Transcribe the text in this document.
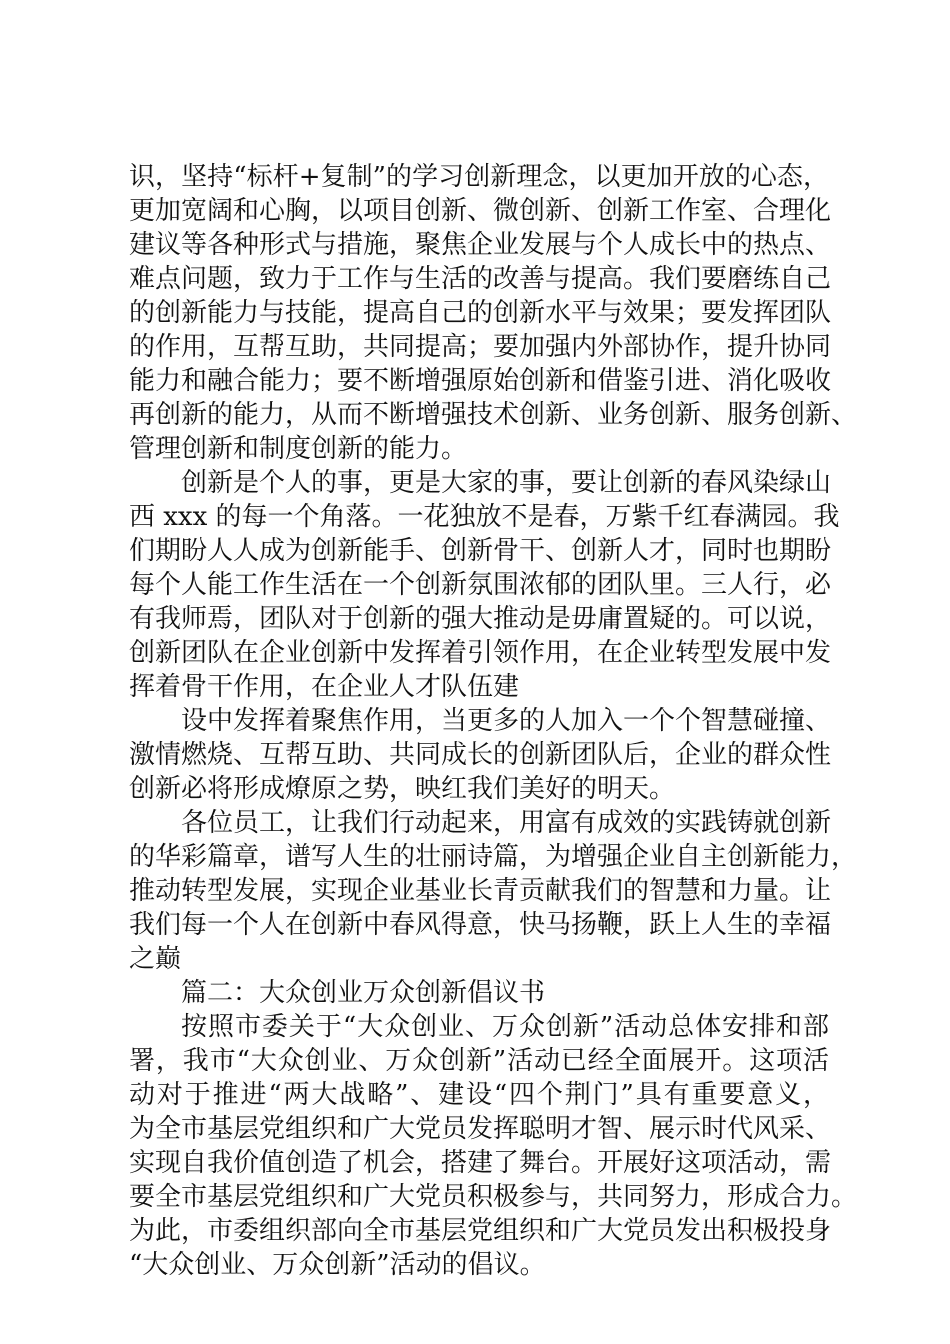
识，坚持“标杆+复制”的学习创新理念，以更加开放的心态，
更加宽阔和心胸，以项目创新、微创新、创新工作室、合理化
建议等各种形式与措施，聚焦企业发展与个人成长中的热点、
难点问题，致力于工作与生活的改善与提高。我们要磨练自己
的创新能力与技能，提高自己的创新水平与效果；要发挥团队
的作用，互帮互助，共同提高；要加强内外部协作，提升协同
能力和融合能力；要不断增强原始创新和借鉴引进、消化吸收
再创新的能力，从而不断增强技术创新、业务创新、服务创新、
管理创新和制度创新的能力。
创新是个人的事，更是大家的事，要让创新的春风染绿山
西 xxx 的每一个角落。一花独放不是春，万紫千红春满园。我
们期盼人人成为创新能手、创新骨干、创新人才，同时也期盼
每个人能工作生活在一个创新氛围浓郁的团队里。三人行，必
有我师焉，团队对于创新的强大推动是毋庸置疑的。可以说，
创新团队在企业创新中发挥着引领作用，在企业转型发展中发
挥着骨干作用，在企业人才队伍建
设中发挥着聚焦作用，当更多的人加入一个个智慧碰撞、
激情燃烧、互帮互助、共同成长的创新团队后，企业的群众性
创新必将形成燎原之势，映红我们美好的明天。
各位员工，让我们行动起来，用富有成效的实践铸就创新
的华彩篇章，谱写人生的壮丽诗篇，为增强企业自主创新能力，
推动转型发展，实现企业基业长青贡献我们的智慧和力量。让
我们每一个人在创新中春风得意，快马扬鞭，跃上人生的幸福
之巅
篇二：大众创业万众创新倡议书
按照市委关于“大众创业、万众创新”活动总体安排和部
署，我市“大众创业、万众创新”活动已经全面展开。这项活
动对于推进“两大战略”、建设“四个荆门”具有重要意义，
为全市基层党组织和广大党员发挥聪明才智、展示时代风采、
实现自我价值创造了机会，搭建了舞台。开展好这项活动，需
要全市基层党组织和广大党员积极参与，共同努力，形成合力。
为此，市委组织部向全市基层党组织和广大党员发出积极投身
“大众创业、万众创新”活动的倡议。
